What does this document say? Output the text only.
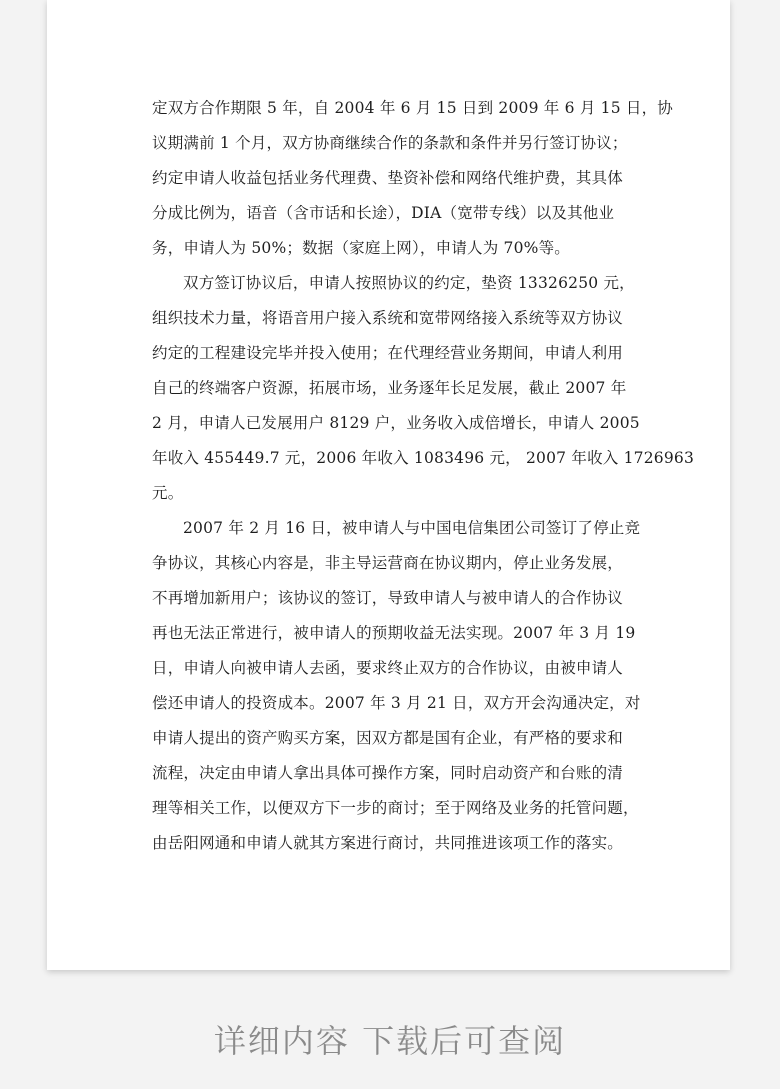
定双方合作期限 5 年，自 2004 年 6 月 15 日到 2009 年 6 月 15 日，协
议期满前 1 个月，双方协商继续合作的条款和条件并另行签订协议；
约定申请人收益包括业务代理费、垫资补偿和网络代维护费，其具体
分成比例为，语音（含市话和长途），DIA（宽带专线）以及其他业
务，申请人为 50%；数据（家庭上网），申请人为 70%等。
双方签订协议后，申请人按照协议的约定，垫资 13326250 元，
组织技术力量，将语音用户接入系统和宽带网络接入系统等双方协议
约定的工程建设完毕并投入使用；在代理经营业务期间，申请人利用
自己的终端客户资源，拓展市场，业务逐年长足发展，截止 2007 年
2 月，申请人已发展用户 8129 户，业务收入成倍增长，申请人 2005
年收入 455449.7 元，2006 年收入 1083496 元， 2007 年收入 1726963
元。
2007 年 2 月 16 日，被申请人与中国电信集团公司签订了停止竞
争协议，其核心内容是，非主导运营商在协议期内，停止业务发展，
不再增加新用户；该协议的签订，导致申请人与被申请人的合作协议
再也无法正常进行，被申请人的预期收益无法实现。2007 年 3 月 19
日，申请人向被申请人去函，要求终止双方的合作协议，由被申请人
偿还申请人的投资成本。2007 年 3 月 21 日，双方开会沟通决定，对
申请人提出的资产购买方案，因双方都是国有企业，有严格的要求和
流程，决定由申请人拿出具体可操作方案，同时启动资产和台账的清
理等相关工作，以便双方下一步的商讨；至于网络及业务的托管问题，
由岳阳网通和申请人就其方案进行商讨，共同推进该项工作的落实。
详细内容 下载后可查阅
